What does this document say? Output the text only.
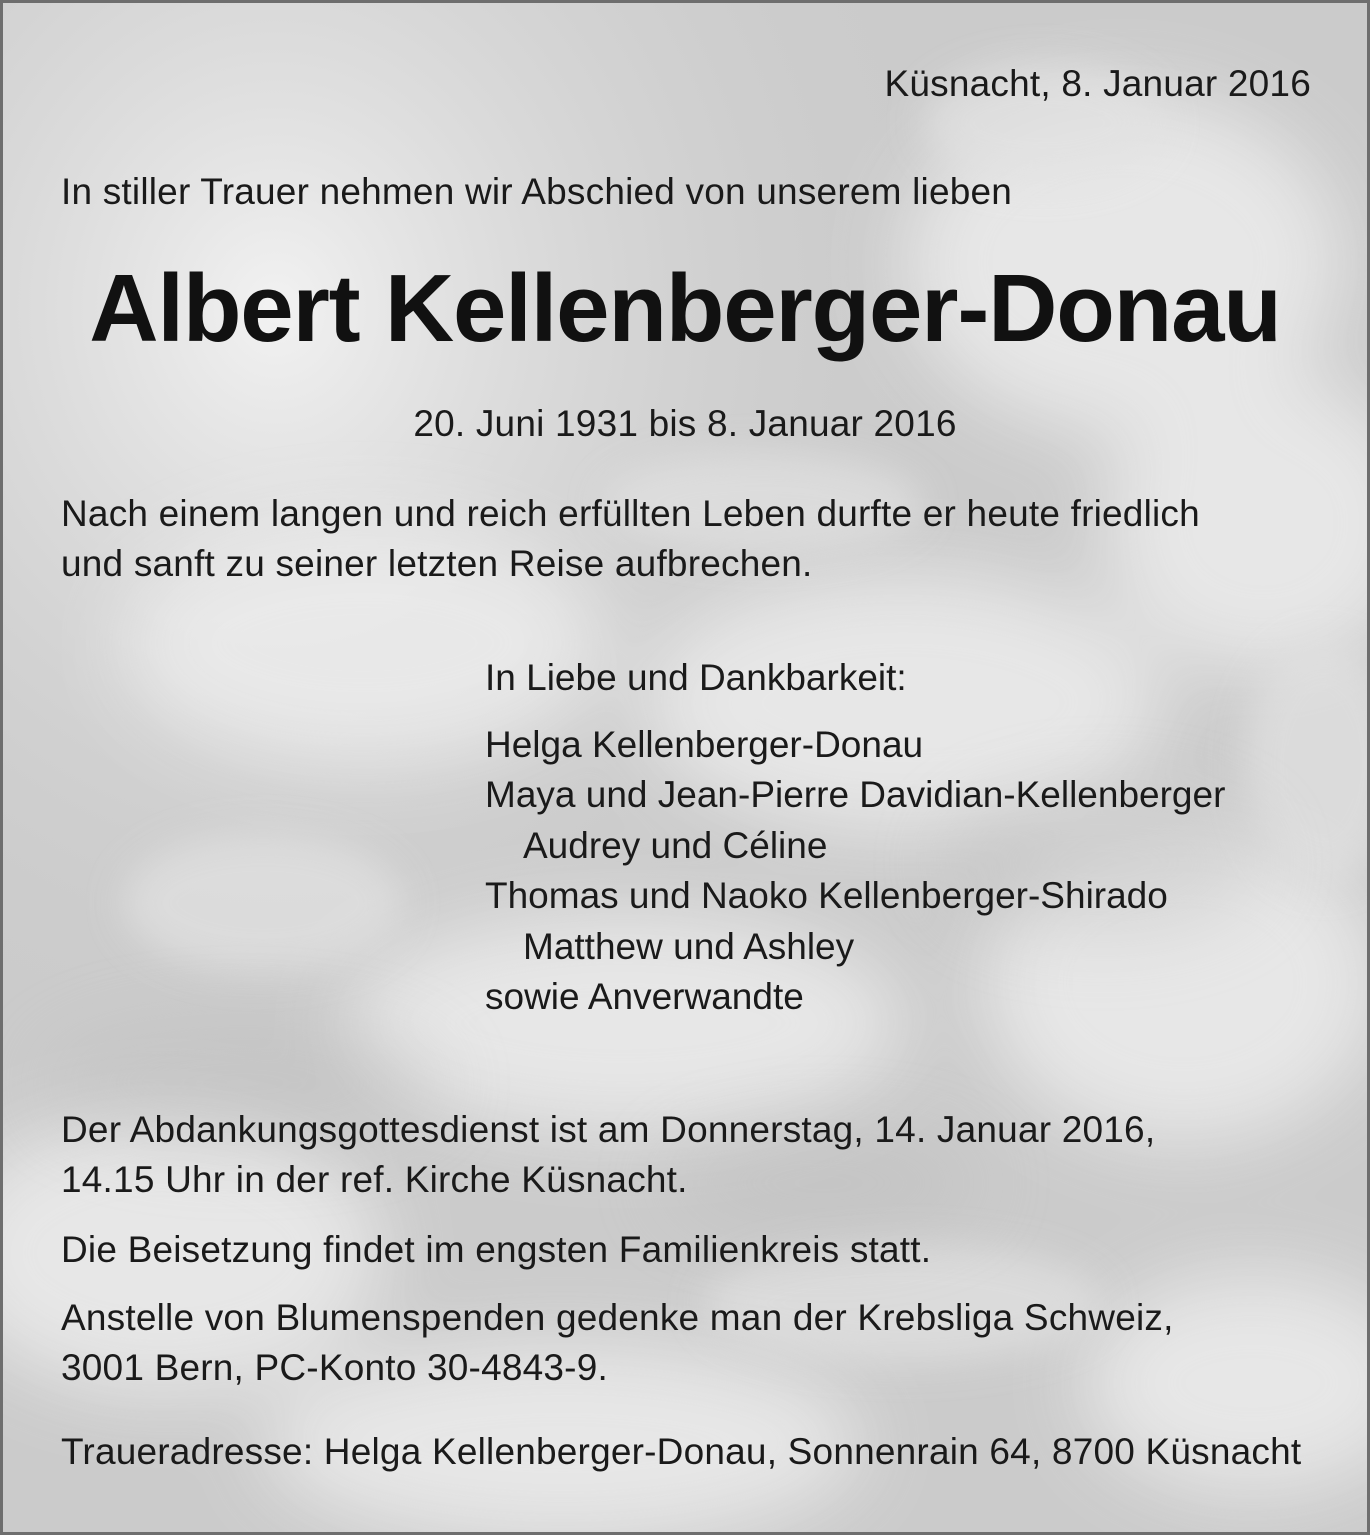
Küsnacht, 8. Januar 2016

In stiller Trauer nehmen wir Abschied von unserem lieben

Albert Kellenberger-Donau

20. Juni 1931 bis 8. Januar 2016

Nach einem langen und reich erfüllten Leben durfte er heute friedlich
und sanft zu seiner letzten Reise aufbrechen.

In Liebe und Dankbarkeit:
Helga Kellenberger-Donau
Maya und Jean-Pierre Davidian-Kellenberger
Audrey und Céline
Thomas und Naoko Kellenberger-Shirado
Matthew und Ashley
sowie Anverwandte

Der Abdankungsgottesdienst ist am Donnerstag, 14. Januar 2016,
14.15 Uhr in der ref. Kirche Küsnacht.

Die Beisetzung findet im engsten Familienkreis statt.

Anstelle von Blumenspenden gedenke man der Krebsliga Schweiz,
3001 Bern, PC-Konto 30-4843-9.

Traueradresse: Helga Kellenberger-Donau, Sonnenrain 64, 8700 Küsnacht
